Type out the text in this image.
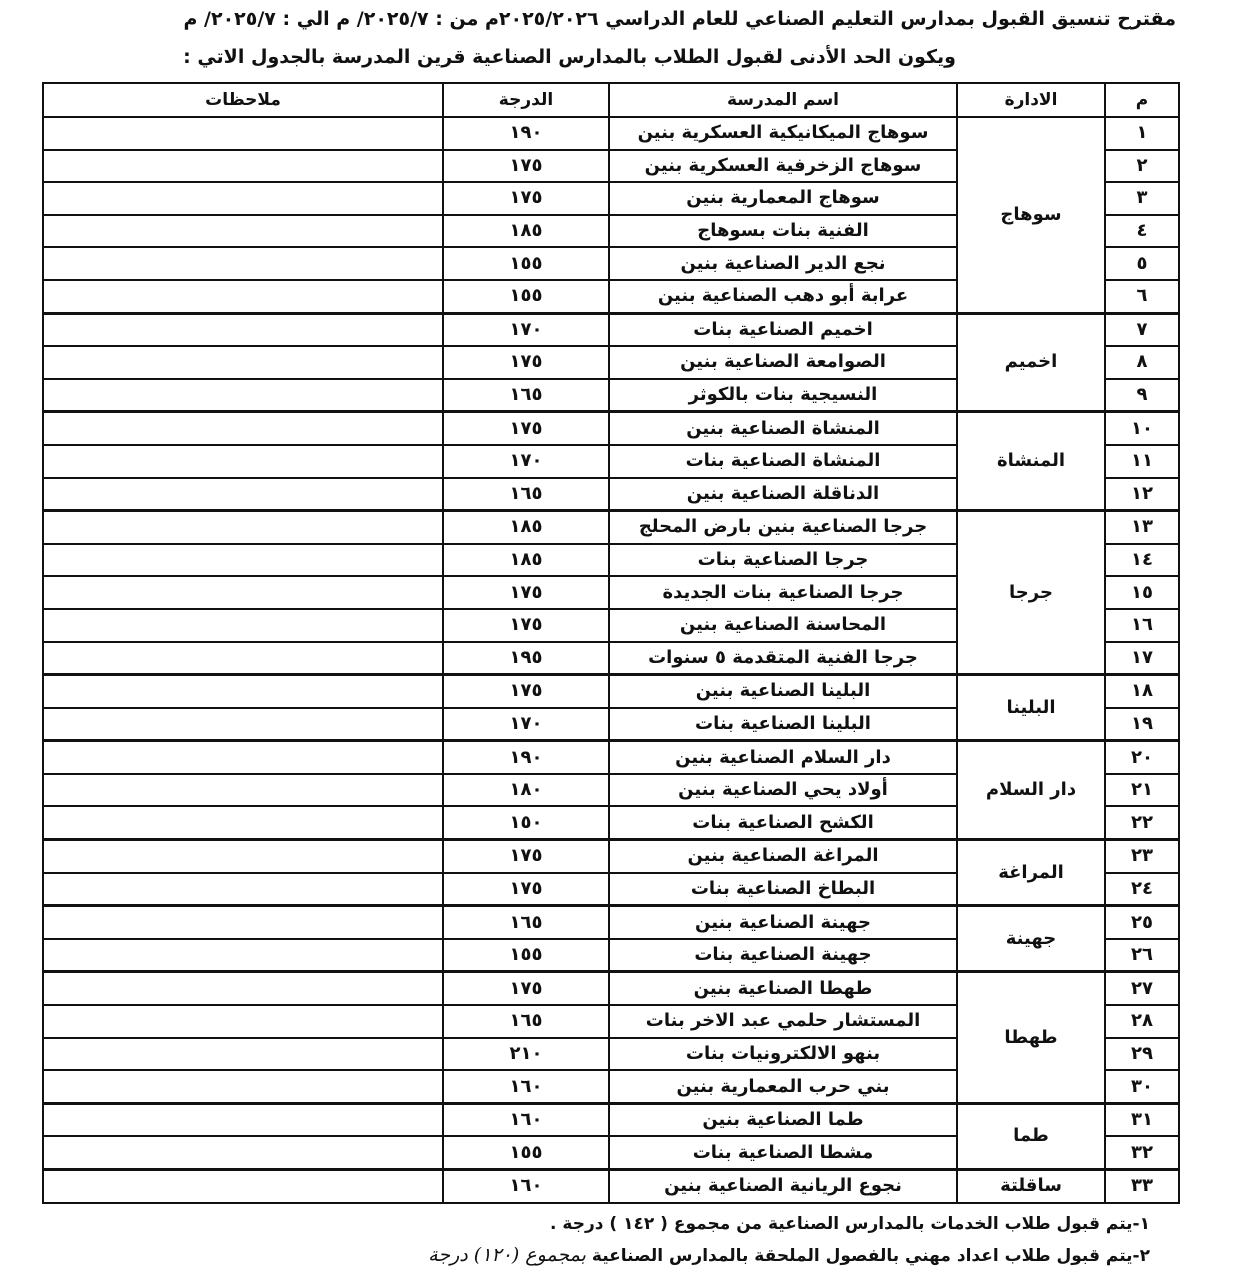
مقترح تنسيق القبول بمدارس التعليم الصناعي للعام الدراسي ٢٠٢٥/٢٠٢٦م من : ٢٠٢٥/٧/ م الي : ٢٠٢٥/٧/ م
ويكون الحد الأدنى لقبول الطلاب بالمدارس الصناعية قرين المدرسة بالجدول الاتي :
م	الادارة	اسم المدرسة	الدرجة	ملاحظات
١	سوهاج	سوهاج الميكانيكية العسكرية بنين	١٩٠	
٢		سوهاج الزخرفية العسكرية بنين	١٧٥	
٣		سوهاج المعمارية بنين	١٧٥	
٤		الفنية بنات بسوهاج	١٨٥	
٥		نجع الدير الصناعية بنين	١٥٥	
٦		عرابة أبو دهب الصناعية بنين	١٥٥	
٧	اخميم	اخميم الصناعية بنات	١٧٠	
٨		الصوامعة الصناعية بنين	١٧٥	
٩		النسيجية بنات بالكوثر	١٦٥	
١٠	المنشاة	المنشاة الصناعية بنين	١٧٥	
١١		المنشاة الصناعية بنات	١٧٠	
١٢		الدناقلة الصناعية بنين	١٦٥	
١٣	جرجا	جرجا الصناعية بنين بارض المحلج	١٨٥	
١٤		جرجا الصناعية بنات	١٨٥	
١٥		جرجا الصناعية بنات الجديدة	١٧٥	
١٦		المحاسنة الصناعية بنين	١٧٥	
١٧		جرجا الفنية المتقدمة ٥ سنوات	١٩٥	
١٨	البلينا	البلينا الصناعية بنين	١٧٥	
١٩		البلينا الصناعية بنات	١٧٠	
٢٠	دار السلام	دار السلام الصناعية بنين	١٩٠	
٢١		أولاد يحي الصناعية بنين	١٨٠	
٢٢		الكشح الصناعية بنات	١٥٠	
٢٣	المراغة	المراغة الصناعية بنين	١٧٥	
٢٤		البطاخ الصناعية بنات	١٧٥	
٢٥	جهينة	جهينة الصناعية بنين	١٦٥	
٢٦		جهينة الصناعية بنات	١٥٥	
٢٧	طهطا	طهطا الصناعية بنين	١٧٥	
٢٨		المستشار حلمي عبد الاخر بنات	١٦٥	
٢٩		بنهو الالكترونيات بنات	٢١٠	
٣٠		بني حرب المعمارية بنين	١٦٠	
٣١	طما	طما الصناعية بنين	١٦٠	
٣٢		مشطا الصناعية بنات	١٥٥	
٣٣	ساقلتة	نجوع الريانية الصناعية بنين	١٦٠	
١-يتم قبول طلاب الخدمات بالمدارس الصناعية من مجموع ( ١٤٢ ) درجة .
٢-يتم قبول طلاب اعداد مهني بالفصول الملحقة بالمدارس الصناعية بمجموع (١٢٠) درجة
